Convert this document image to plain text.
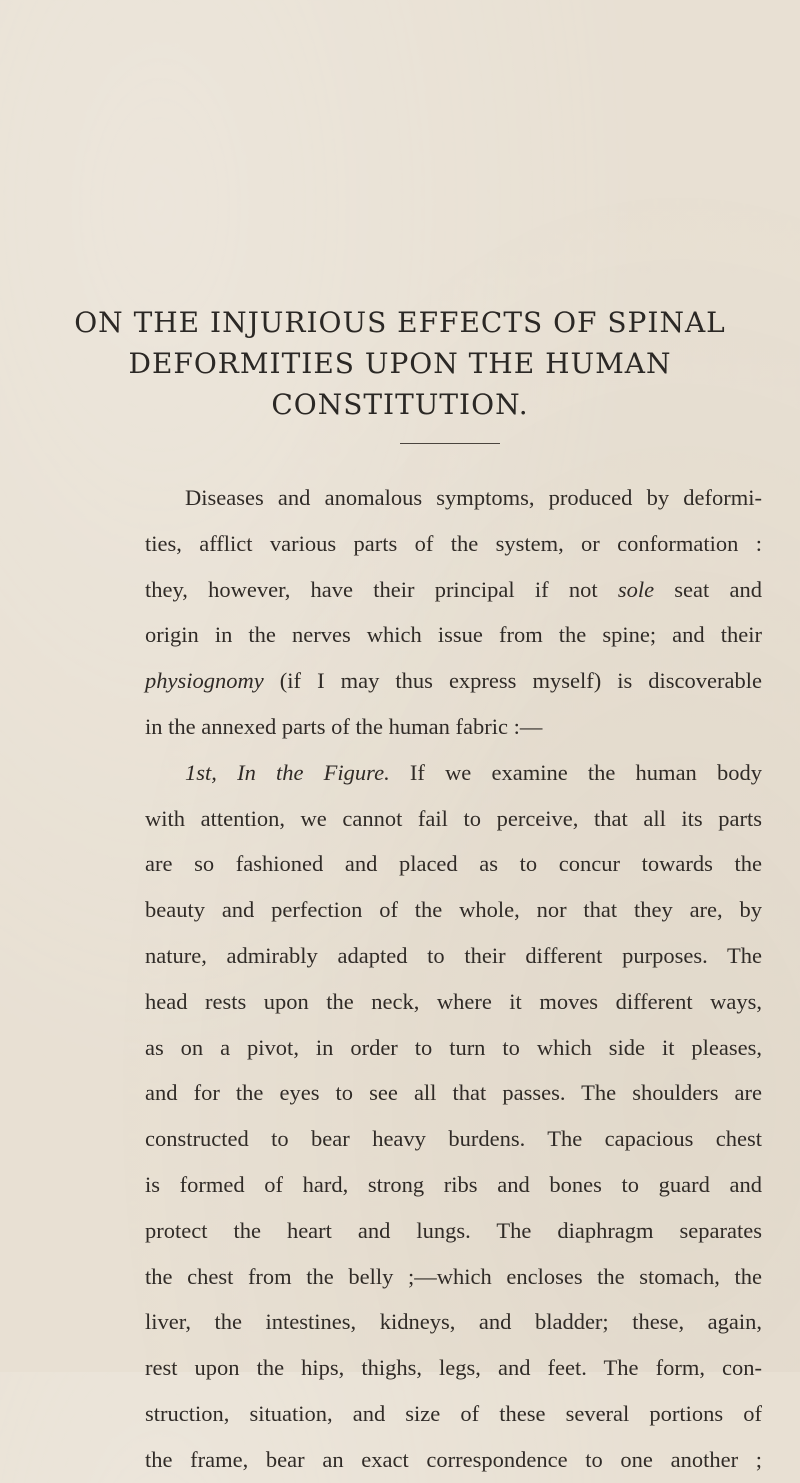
ON THE INJURIOUS EFFECTS OF SPINAL
DEFORMITIES UPON THE HUMAN
CONSTITUTION.
Diseases and anomalous symptoms, produced by deformi-
ties, afflict various parts of the system, or conformation :
they, however, have their principal if not sole seat and
origin in the nerves which issue from the spine; and their
physiognomy (if I may thus express myself) is discoverable
in the annexed parts of the human fabric :—
1st, In the Figure. If we examine the human body
with attention, we cannot fail to perceive, that all its parts
are so fashioned and placed as to concur towards the
beauty and perfection of the whole, nor that they are, by
nature, admirably adapted to their different purposes. The
head rests upon the neck, where it moves different ways,
as on a pivot, in order to turn to which side it pleases,
and for the eyes to see all that passes. The shoulders are
constructed to bear heavy burdens. The capacious chest
is formed of hard, strong ribs and bones to guard and
protect the heart and lungs. The diaphragm separates
the chest from the belly ;—which encloses the stomach, the
liver, the intestines, kidneys, and bladder; these, again,
rest upon the hips, thighs, legs, and feet. The form, con-
struction, situation, and size of these several portions of
the frame, bear an exact correspondence to one another ;
